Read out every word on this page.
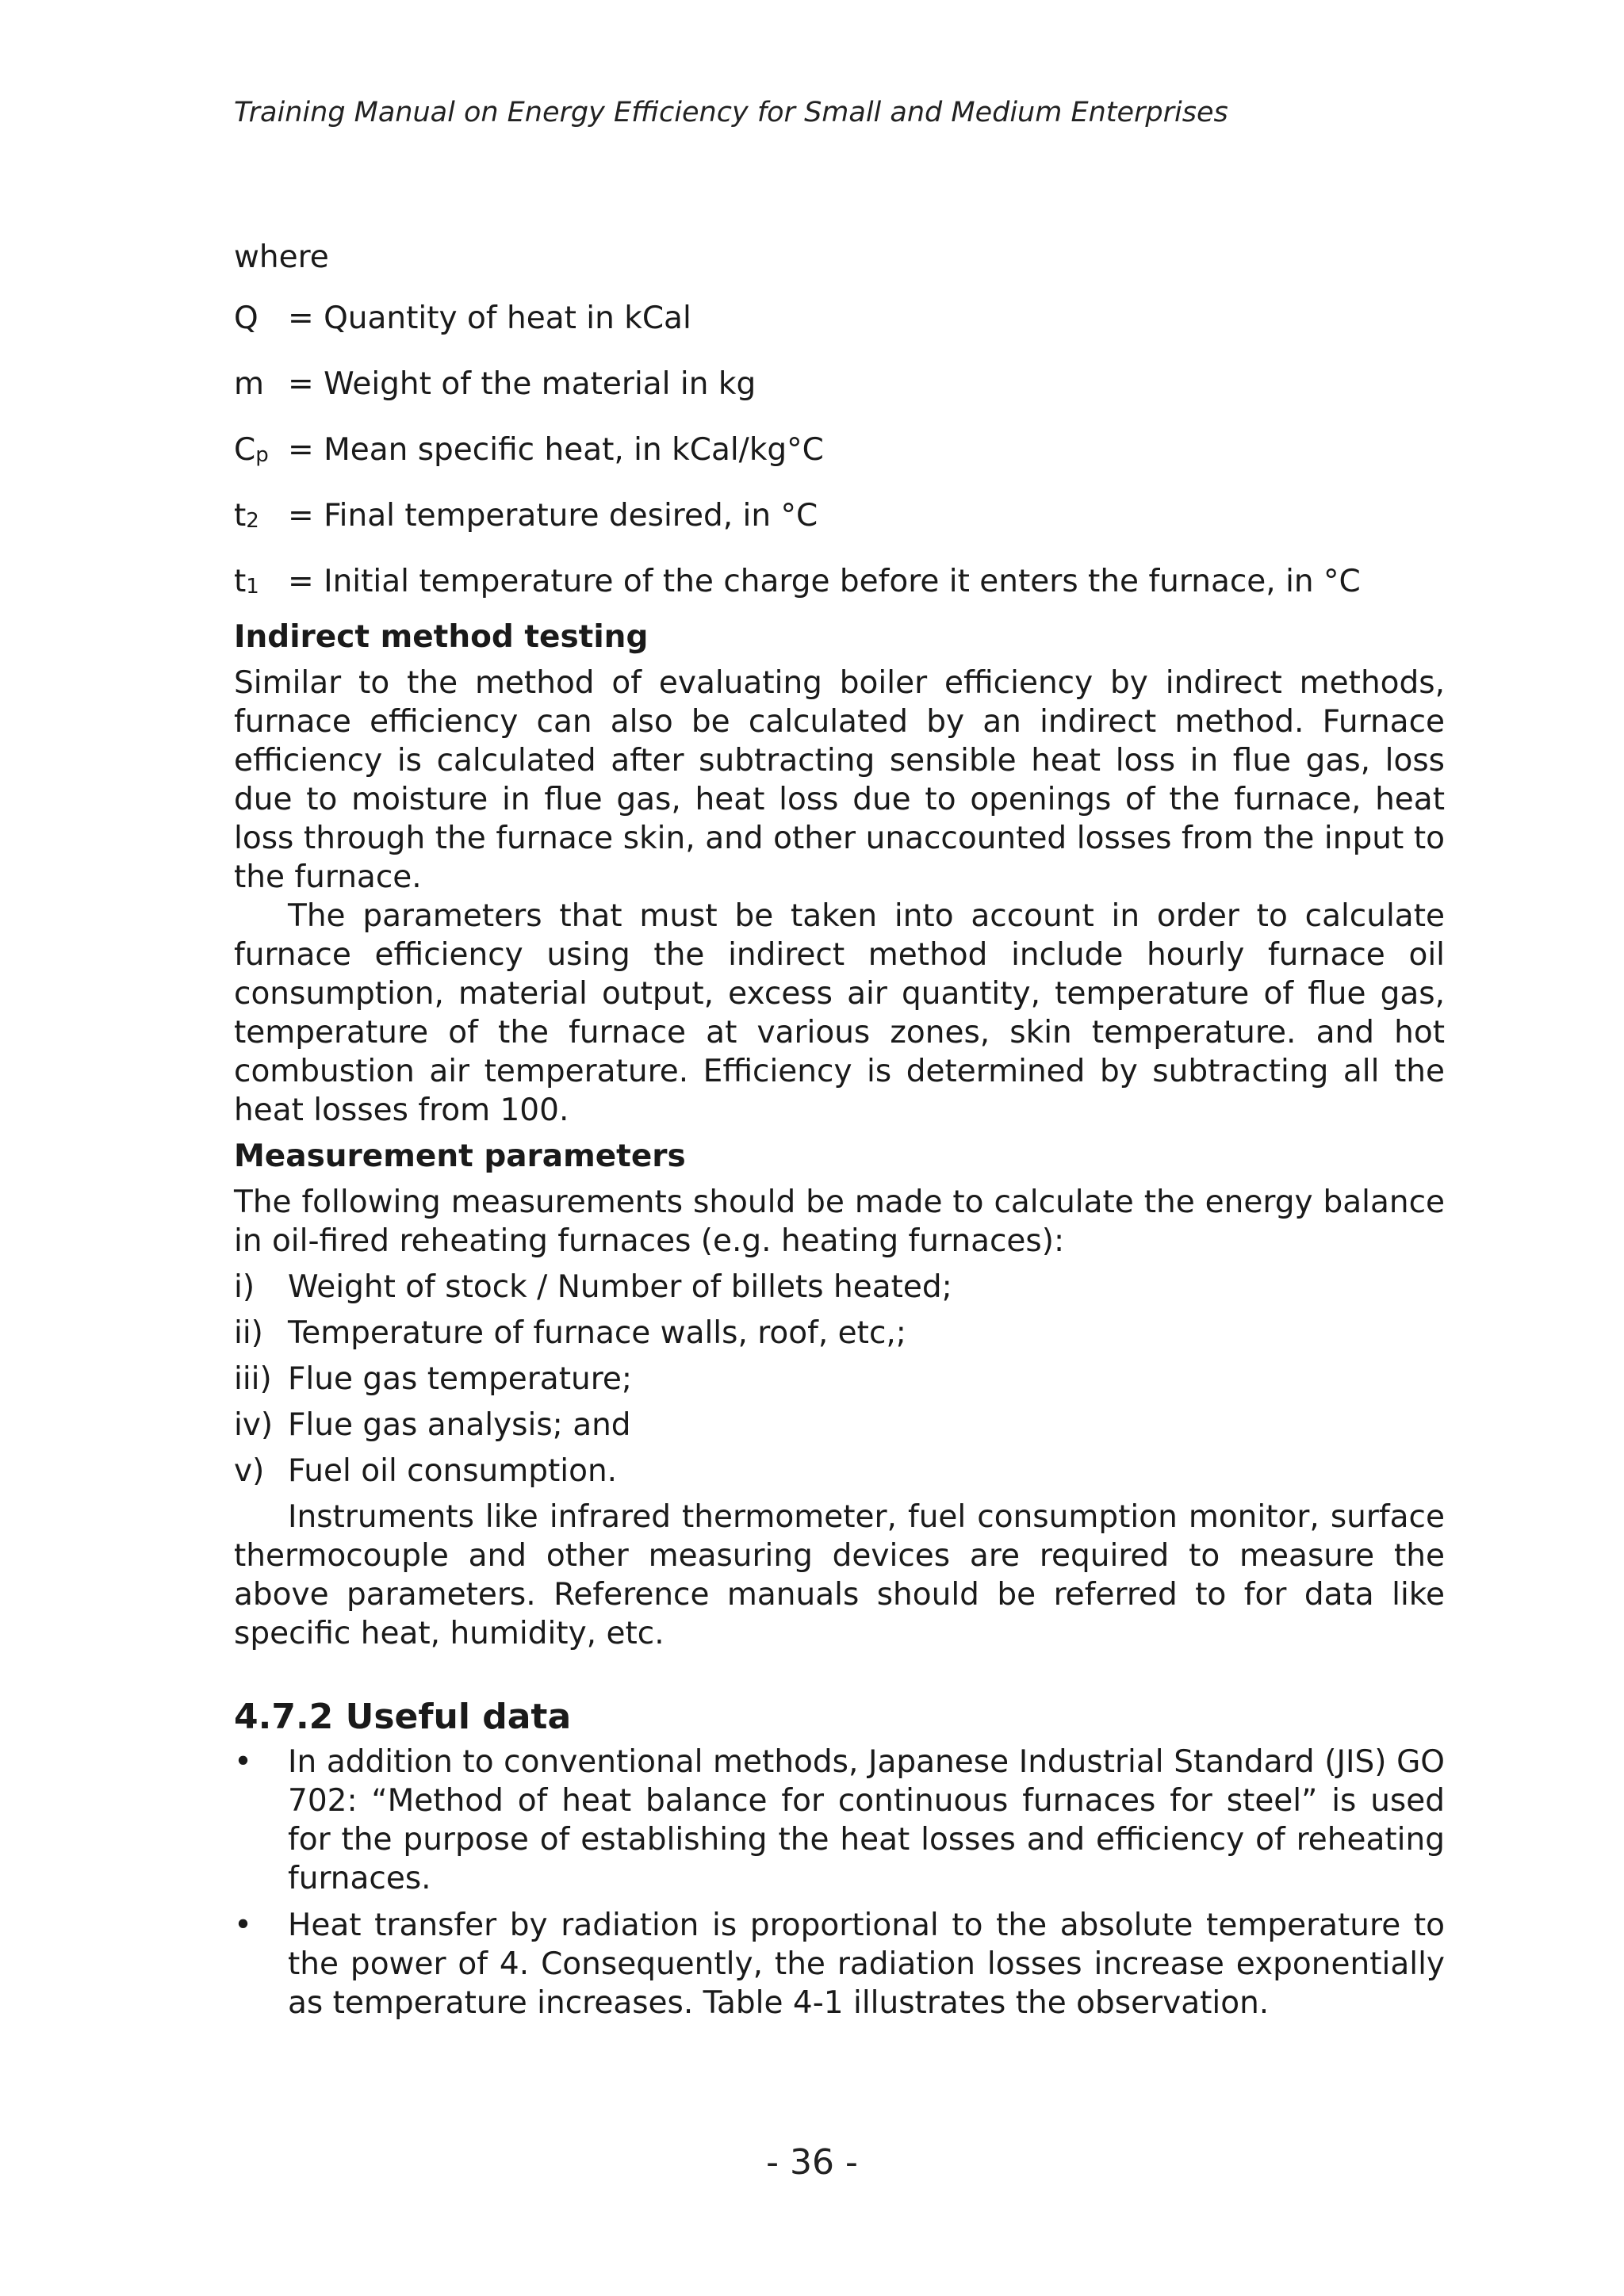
Training Manual on Energy Efficiency for Small and Medium Enterprises

where

Q = Quantity of heat in kCal
m = Weight of the material in kg
$C_p$ = Mean specific heat, in kCal/kg°C
$t_2$ = Final temperature desired, in °C
$t_1$ = Initial temperature of the charge before it enters the furnace, in °C
Indirect method testing

Similar to the method of evaluating boiler efficiency by indirect methods, furnace efficiency can also be calculated by an indirect method. Furnace efficiency is calculated after subtracting sensible heat loss in flue gas, loss due to moisture in flue gas, heat loss due to openings of the furnace, heat loss through the furnace skin, and other unaccounted losses from the input to the furnace.

The parameters that must be taken into account in order to calculate furnace efficiency using the indirect method include hourly furnace oil consumption, material output, excess air quantity, temperature of flue gas, temperature of the furnace at various zones, skin temperature. and hot combustion air temperature. Efficiency is determined by subtracting all the heat losses from 100.

Measurement parameters

The following measurements should be made to calculate the energy balance in oil-fired reheating furnaces (e.g. heating furnaces):

i)	Weight of stock / Number of billets heated;
ii) Temperature of furnace walls, roof, etc,;
iii) Flue gas temperature;
iv) Flue gas analysis; and
v) Fuel oil consumption.

Instruments like infrared thermometer, fuel consumption monitor, surface thermocouple and other measuring devices are required to measure the above parameters. Reference manuals should be referred to for data like specific heat, humidity, etc.

4.7.2 Useful data
•	In addition to conventional methods, Japanese Industrial Standard (JIS) GO 702: “Method of heat balance for continuous furnaces for steel” is used for the purpose of establishing the heat losses and efficiency of reheating furnaces.
•	Heat transfer by radiation is proportional to the absolute temperature to the power of 4. Consequently, the radiation losses increase exponentially as temperature increases. Table 4-1 illustrates the observation.
- 36 -
